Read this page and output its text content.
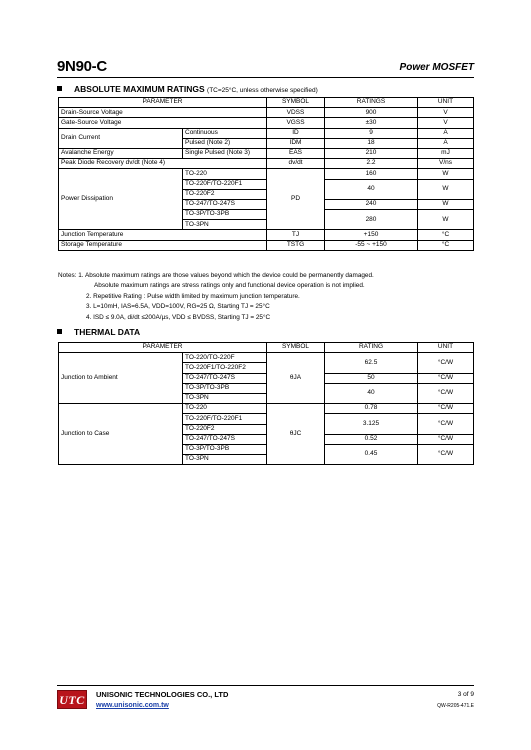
9N90-C	Power MOSFET
ABSOLUTE MAXIMUM RATINGS (TC=25°C, unless otherwise specified)
PARAMETER		SYMBOL	RATINGS	UNIT
Drain-Source Voltage		VDSS	900	V
Gate-Source Voltage		VGSS	±30	V
Drain Current	Continuous	ID	9	A
	Pulsed (Note 2)	IDM	18	A
Avalanche Energy	Single Pulsed (Note 3)	EAS	210	mJ
Peak Diode Recovery dv/dt (Note 4)		dv/dt	2.2	V/ns
Power Dissipation	TO-220	PD	160	W
	TO-220F/TO-220F1		40	W
	TO-220F2			
	TO-247/TO-247S		240	W
	TO-3P/TO-3PB		280	W
	TO-3PN			
Junction Temperature		TJ	+150	°C
Storage Temperature		TSTG	-55 ~ +150	°C
Notes: 1. Absolute maximum ratings are those values beyond which the device could be permanently damaged.
Absolute maximum ratings are stress ratings only and functional device operation is not implied.
2. Repetitive Rating : Pulse width limited by maximum junction temperature.
3. L=10mH, IAS=6.5A, VDD=100V, RG=25 Ω, Starting TJ = 25°C
4. ISD ≤ 9.0A, di/dt ≤200A/μs, VDD ≤ BVDSS, Starting TJ = 25°C
THERMAL DATA
PARAMETER		SYMBOL	RATING	UNIT
Junction to Ambient	TO-220/TO-220F	θJA	62.5	°C/W
	TO-220F1/TO-220F2			
	TO-247/TO-247S		50	°C/W
	TO-3P/TO-3PB		40	°C/W
	TO-3PN			
Junction to Case	TO-220	θJC	0.78	°C/W
	TO-220F/TO-220F1		3.125	°C/W
	TO-220F2			
	TO-247/TO-247S		0.52	°C/W
	TO-3P/TO-3PB		0.45	°C/W
	TO-3PN			
UTC	UNISONIC TECHNOLOGIES CO., LTD
www.unisonic.com.tw
3 of 9
QW-R205-471.E
